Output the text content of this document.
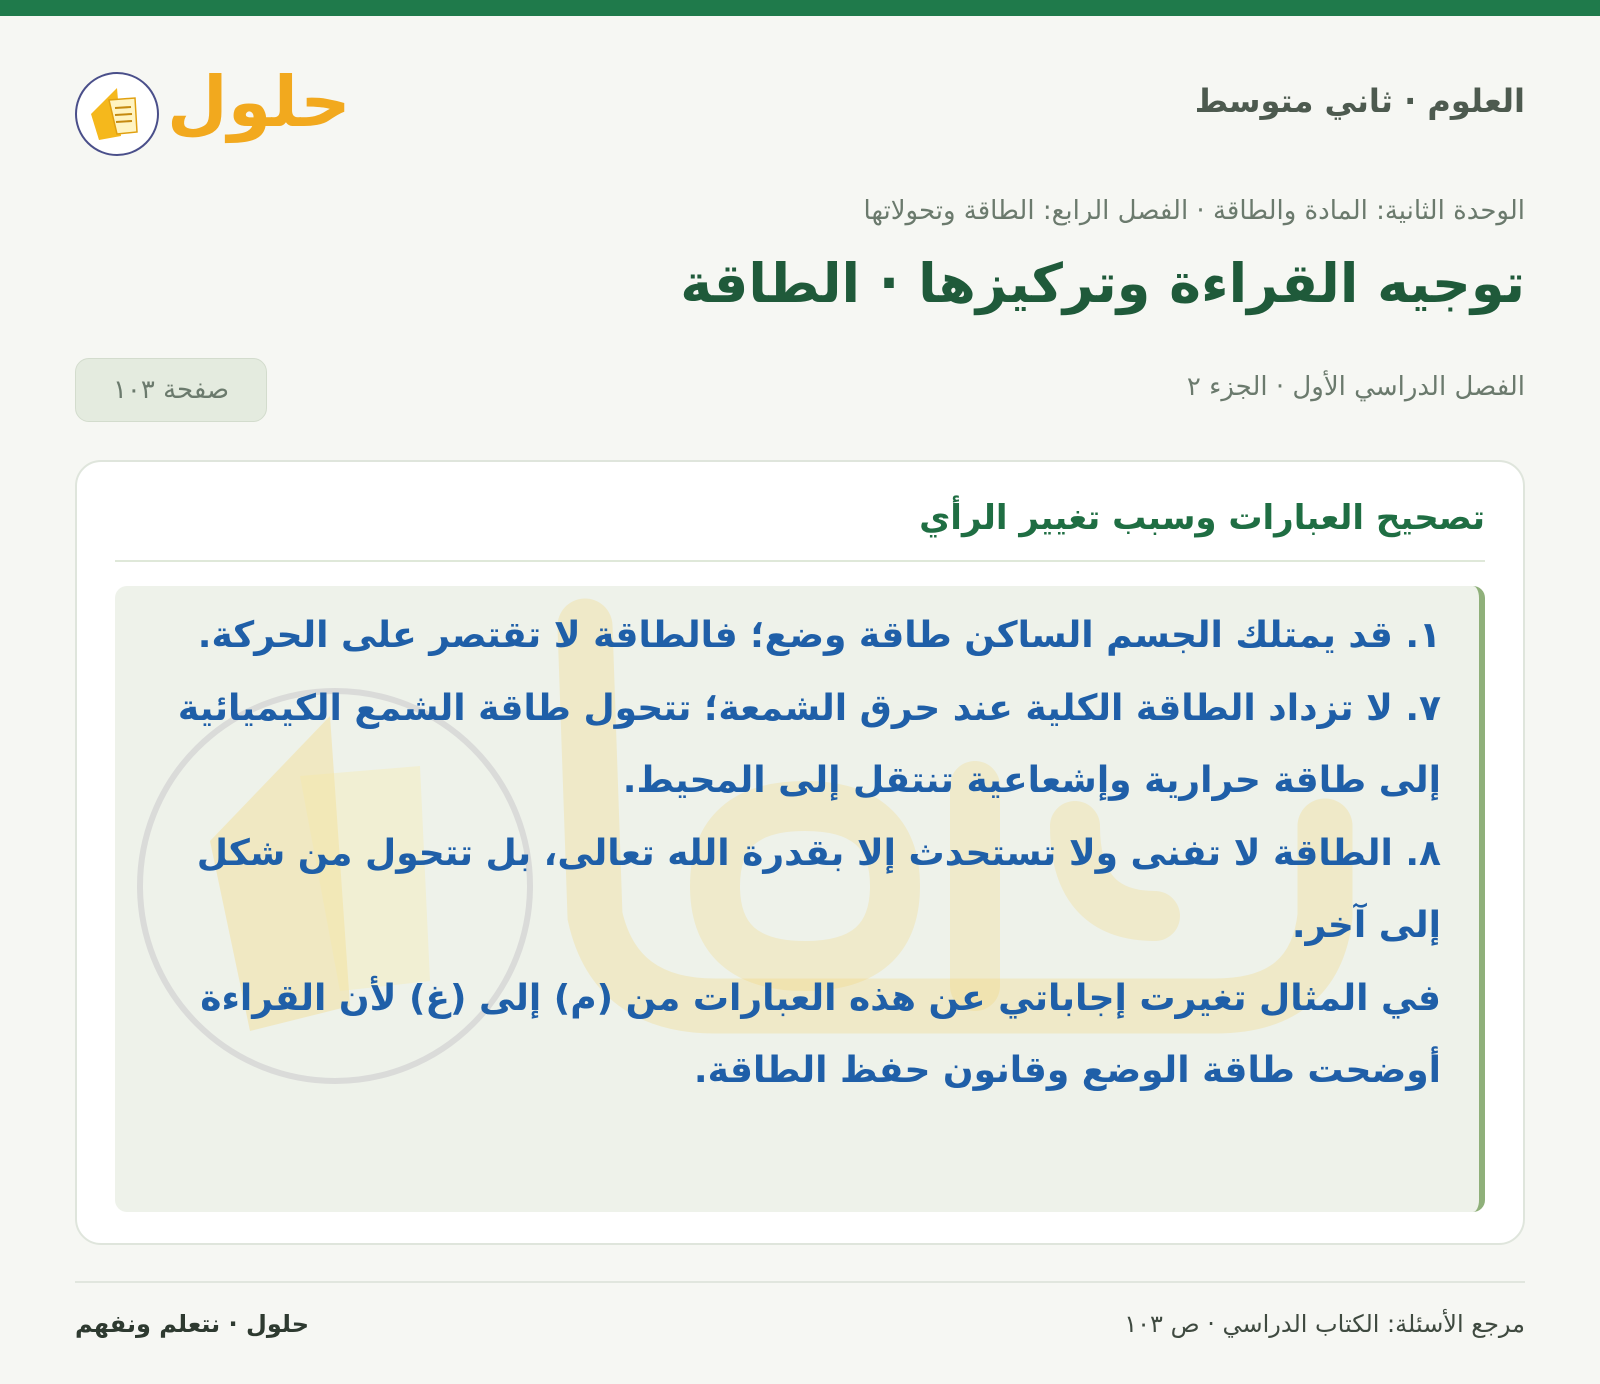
العلوم · ثاني متوسط
حلول
الوحدة الثانية: المادة والطاقة · الفصل الرابع: الطاقة وتحولاتها
توجيه القراءة وتركيزها · الطاقة
الفصل الدراسي الأول · الجزء ٢
صفحة ١٠٣
تصحيح العبارات وسبب تغيير الرأي

١. قد يمتلك الجسم الساكن طاقة وضع؛ فالطاقة لا تقتصر على الحركة.

٧. لا تزداد الطاقة الكلية عند حرق الشمعة؛ تتحول طاقة الشمع الكيميائية إلى طاقة حرارية وإشعاعية تنتقل إلى المحيط.

٨. الطاقة لا تفنى ولا تستحدث إلا بقدرة الله تعالى، بل تتحول من شكل إلى آخر.

في المثال تغيرت إجاباتي عن هذه العبارات من (م) إلى (غ) لأن القراءة أوضحت طاقة الوضع وقانون حفظ الطاقة.

مرجع الأسئلة: الكتاب الدراسي · ص ١٠٣
حلول · نتعلم ونفهم
